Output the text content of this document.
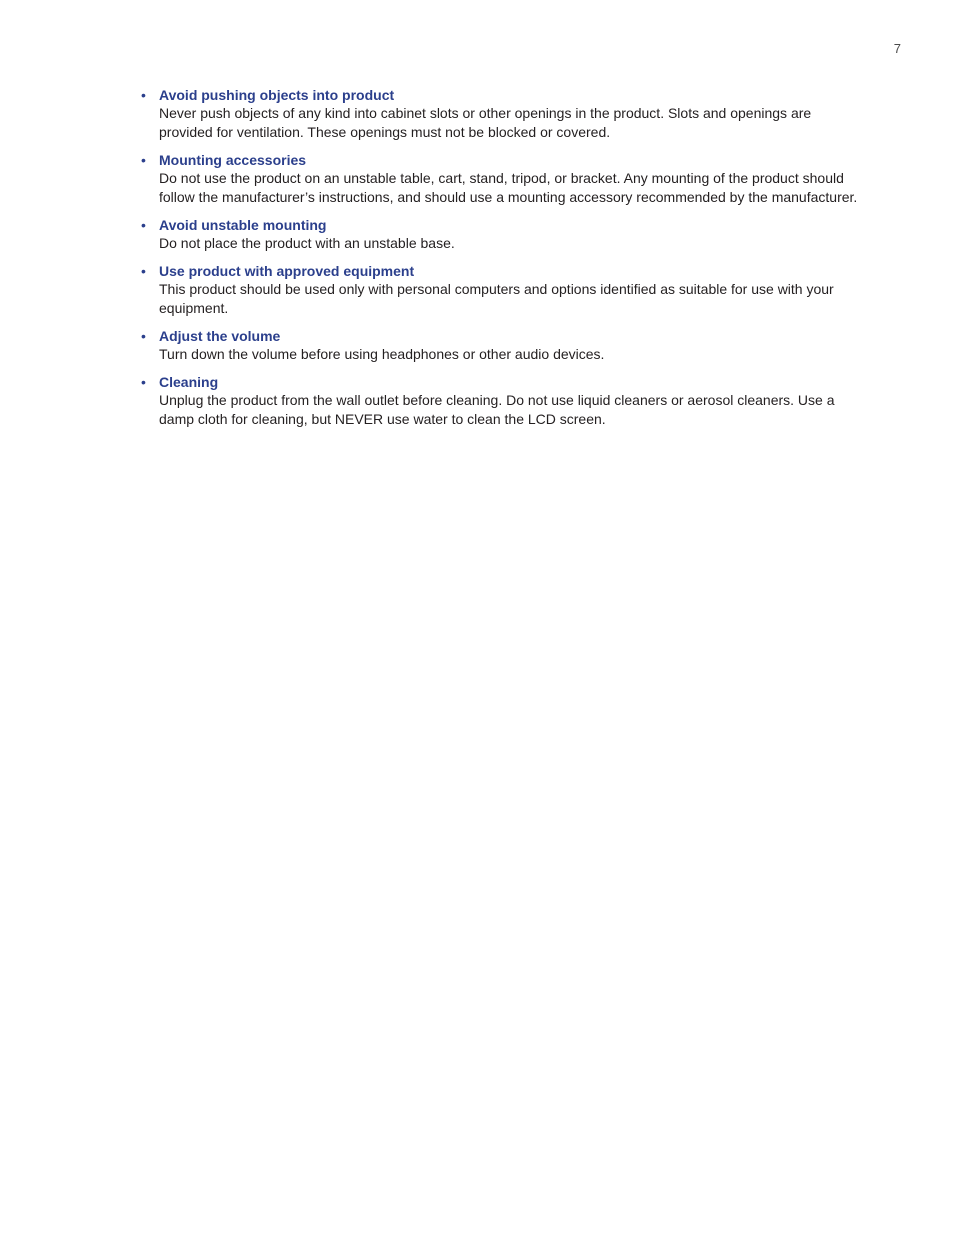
7
• Avoid pushing objects into product
Never push objects of any kind into cabinet slots or other openings in the product. Slots and openings are provided for ventilation. These openings must not be blocked or covered.
• Mounting accessories
Do not use the product on an unstable table, cart, stand, tripod, or bracket. Any mounting of the product should follow the manufacturer’s instructions, and should use a mounting accessory recommended by the manufacturer.
• Avoid unstable mounting
Do not place the product with an unstable base.
• Use product with approved equipment
This product should be used only with personal computers and options identified as suitable for use with your equipment.
• Adjust the volume
Turn down the volume before using headphones or other audio devices.
• Cleaning
Unplug the product from the wall outlet before cleaning. Do not use liquid cleaners or aerosol cleaners. Use a damp cloth for cleaning, but NEVER use water to clean the LCD screen.
